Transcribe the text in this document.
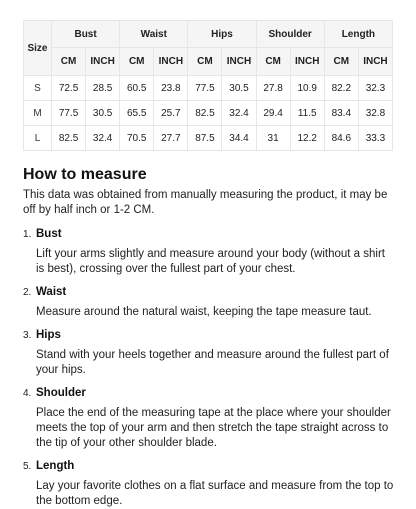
Size	Bust		Waist		Hips		Shoulder		Length	
	CM	INCH	CM	INCH	CM	INCH	CM	INCH	CM	INCH
S	72.5	28.5	60.5	23.8	77.5	30.5	27.8	10.9	82.2	32.3
M	77.5	30.5	65.5	25.7	82.5	32.4	29.4	11.5	83.4	32.8
L	82.5	32.4	70.5	27.7	87.5	34.4	31	12.2	84.6	33.3
How to measure

This data was obtained from manually measuring the product, it may be off by half inch or 1-2 CM.

1. Bust
Lift your arms slightly and measure around your body (without a shirt is best), crossing over the fullest part of your chest.
2. Waist
Measure around the natural waist, keeping the tape measure taut.
3. Hips
Stand with your heels together and measure around the fullest part of your hips.
4. Shoulder
Place the end of the measuring tape at the place where your shoulder meets the top of your arm and then stretch the tape straight across to the tip of your other shoulder blade.
5. Length
Lay your favorite clothes on a flat surface and measure from the top to the bottom edge.
